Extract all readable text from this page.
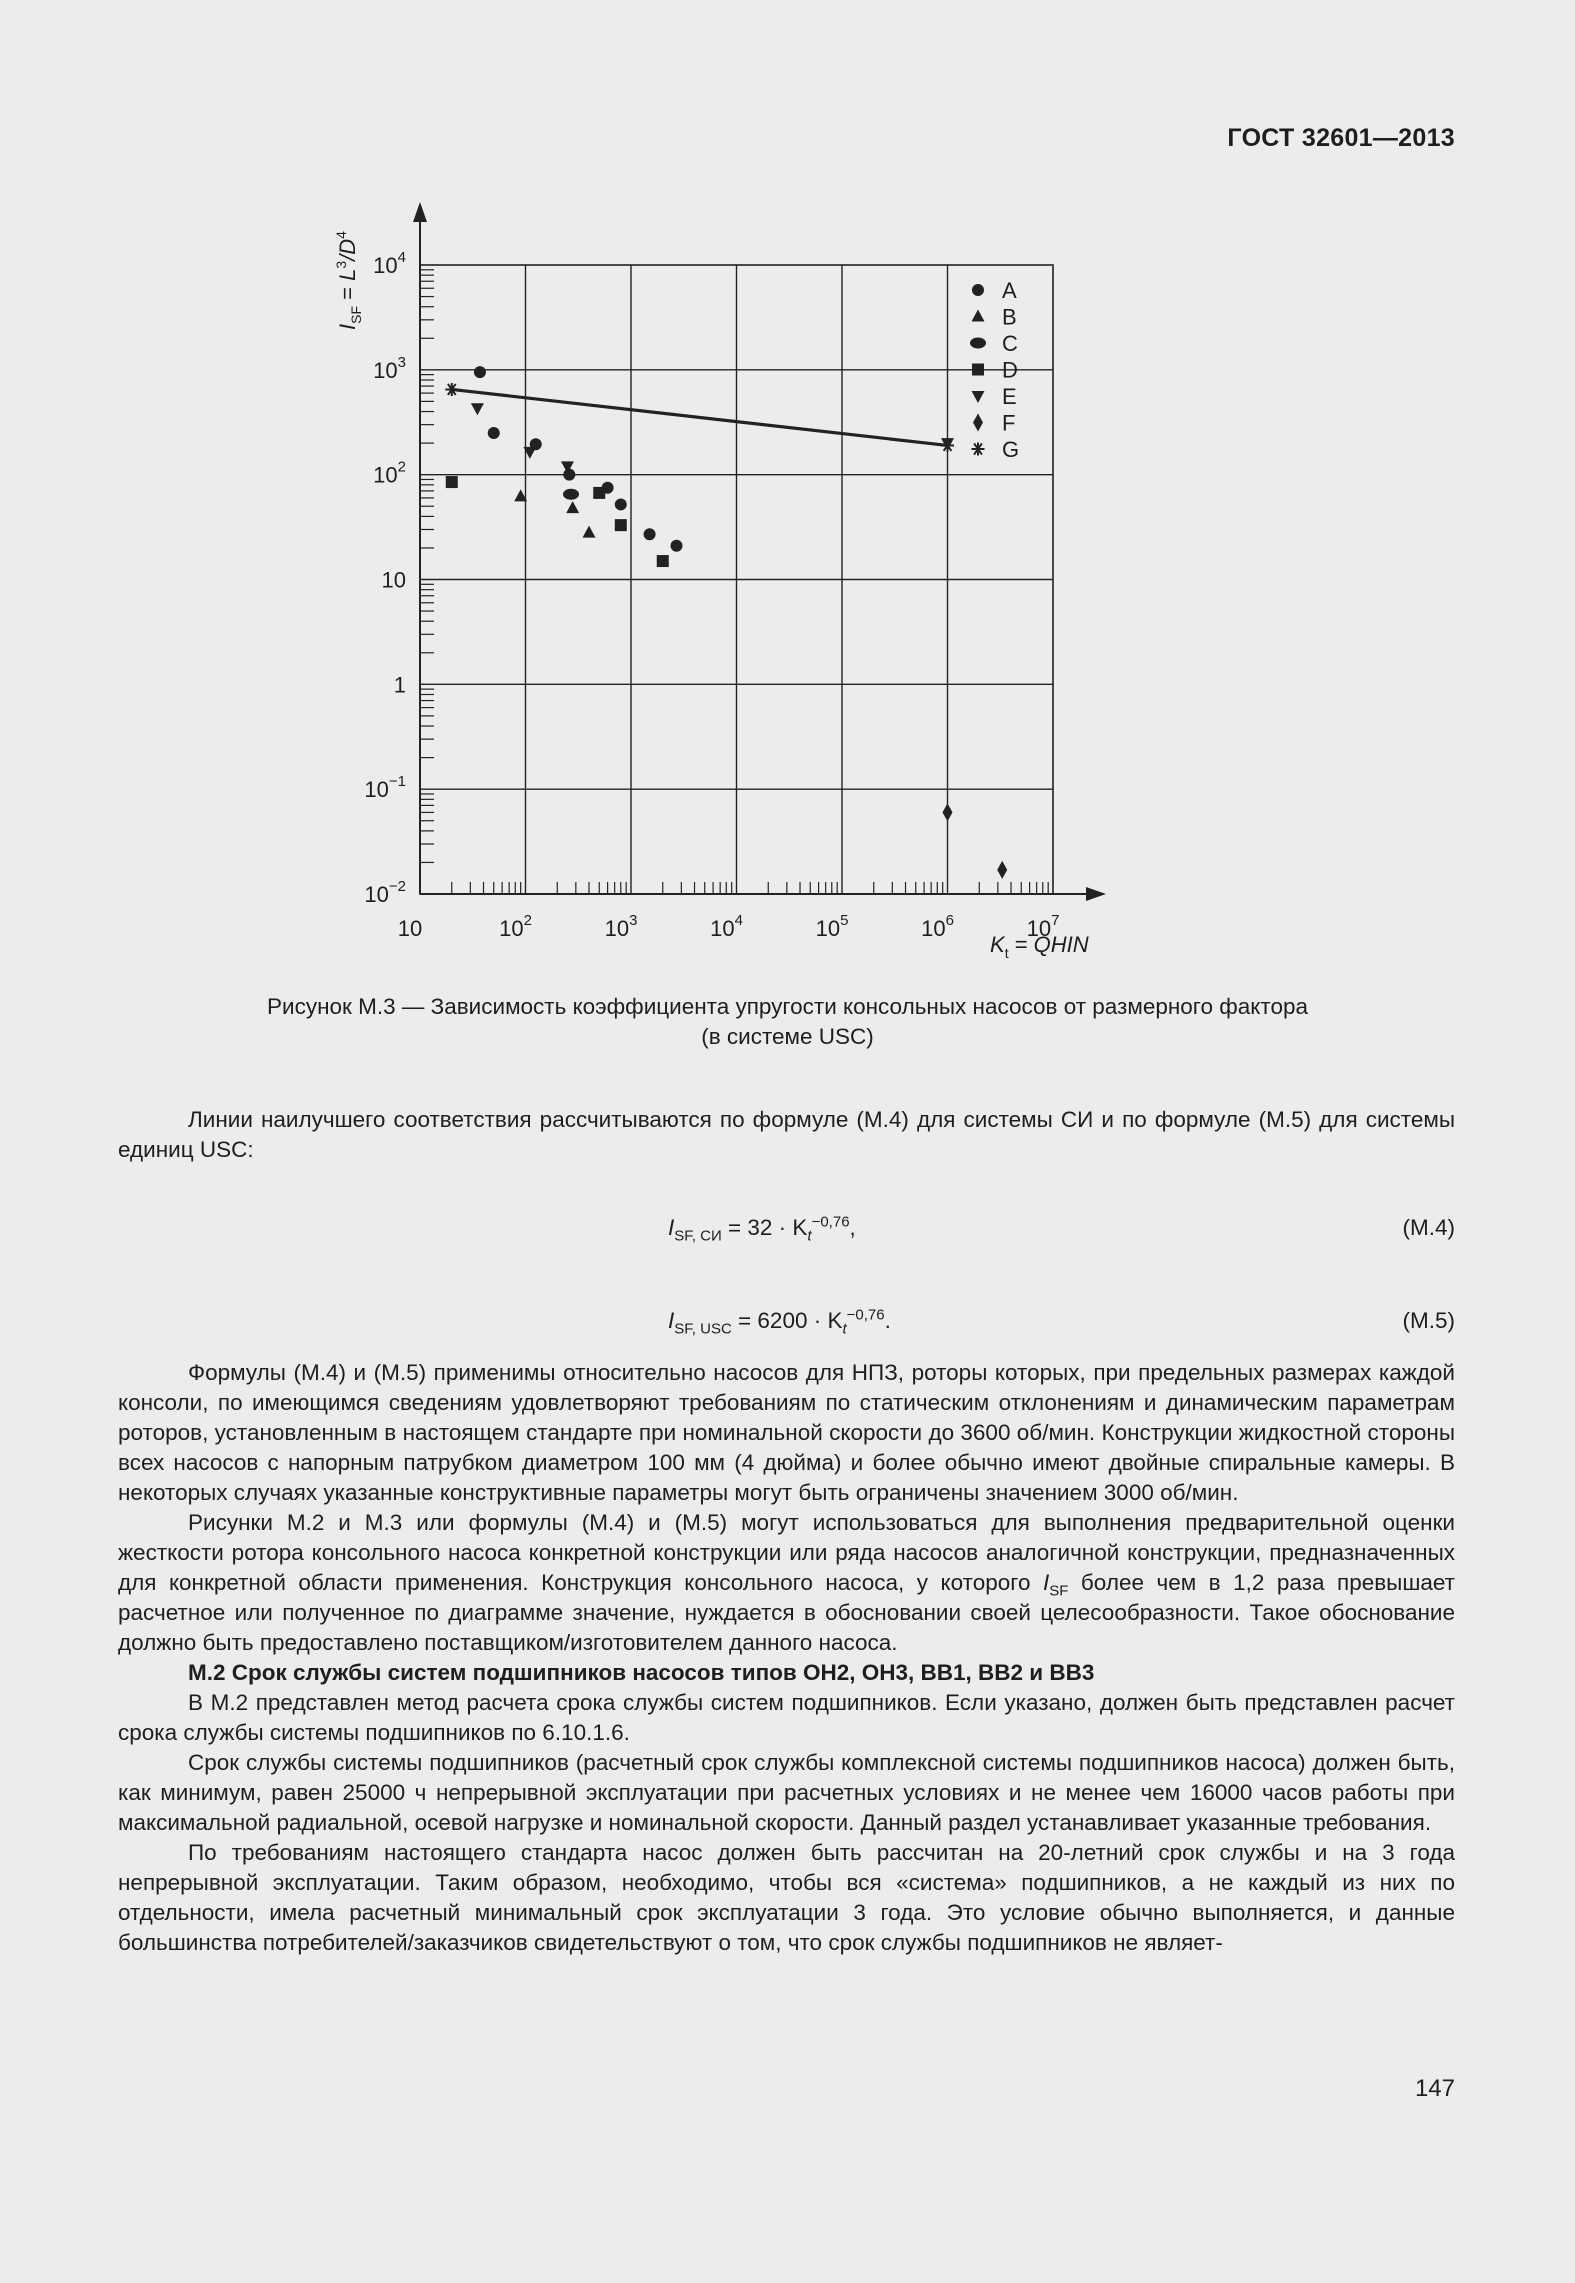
ГОСТ 32601—2013
10	$10^2$	$10^3$	$10^4$	$10^5$	$10^6$	$10^7$
$10^{-2}$
$10^{-1}$
1
10
$10^2$
$10^3$
$10^4$
A
B
C
D
E
F
G
$I_{SF} = L^3/D^4$
$K_t$ = QHIN
Рисунок М.3 — Зависимость коэффициента упругости консольных насосов от размерного фактора
(в системе USC)

Линии наилучшего соответствия рассчитываются по формуле (М.4) для системы СИ и по формуле (М.5) для системы единиц USC:

$I_{SF, СИ} = 32 \cdot K_t^{-0,76}$,	(М.4)
$I_{SF, USC} = 6200 \cdot K_t^{-0,76}$.	(М.5)

Формулы (М.4) и (М.5) применимы относительно насосов для НПЗ, роторы которых, при предельных размерах каждой консоли, по имеющимся сведениям удовлетворяют требованиям по статическим отклонениям и динамическим параметрам роторов, установленным в настоящем стандарте при номинальной скорости до 3600 об/мин. Конструкции жидкостной стороны всех насосов с напорным патрубком диаметром 100 мм (4 дюйма) и более обычно имеют двойные спиральные камеры. В некоторых случаях указанные конструктивные параметры могут быть ограничены значением 3000 об/мин.

Рисунки М.2 и М.3 или формулы (М.4) и (М.5) могут использоваться для выполнения предварительной оценки жесткости ротора консольного насоса конкретной конструкции или ряда насосов аналогичной конструкции, предназначенных для конкретной области применения. Конструкция консольного насоса, у которого $I_{SF}$ более чем в 1,2 раза превышает расчетное или полученное по диаграмме значение, нуждается в обосновании своей целесообразности. Такое обоснование должно быть предоставлено поставщиком/изготовителем данного насоса.

М.2 Срок службы систем подшипников насосов типов ОН2, ОН3, ВВ1, ВВ2 и ВВ3

В М.2 представлен метод расчета срока службы систем подшипников. Если указано, должен быть представлен расчет срока службы системы подшипников по 6.10.1.6.

Срок службы системы подшипников (расчетный срок службы комплексной системы подшипников насоса) должен быть, как минимум, равен 25000 ч непрерывной эксплуатации при расчетных условиях и не менее чем 16000 часов работы при максимальной радиальной, осевой нагрузке и номинальной скорости. Данный раздел устанавливает указанные требования.

По требованиям настоящего стандарта насос должен быть рассчитан на 20-летний срок службы и на 3 года непрерывной эксплуатации. Таким образом, необходимо, чтобы вся «система» подшипников, а не каждый из них по отдельности, имела расчетный минимальный срок эксплуатации 3 года. Это условие обычно выполняется, и данные большинства потребителей/заказчиков свидетельствуют о том, что срок службы подшипников не являет-

147
